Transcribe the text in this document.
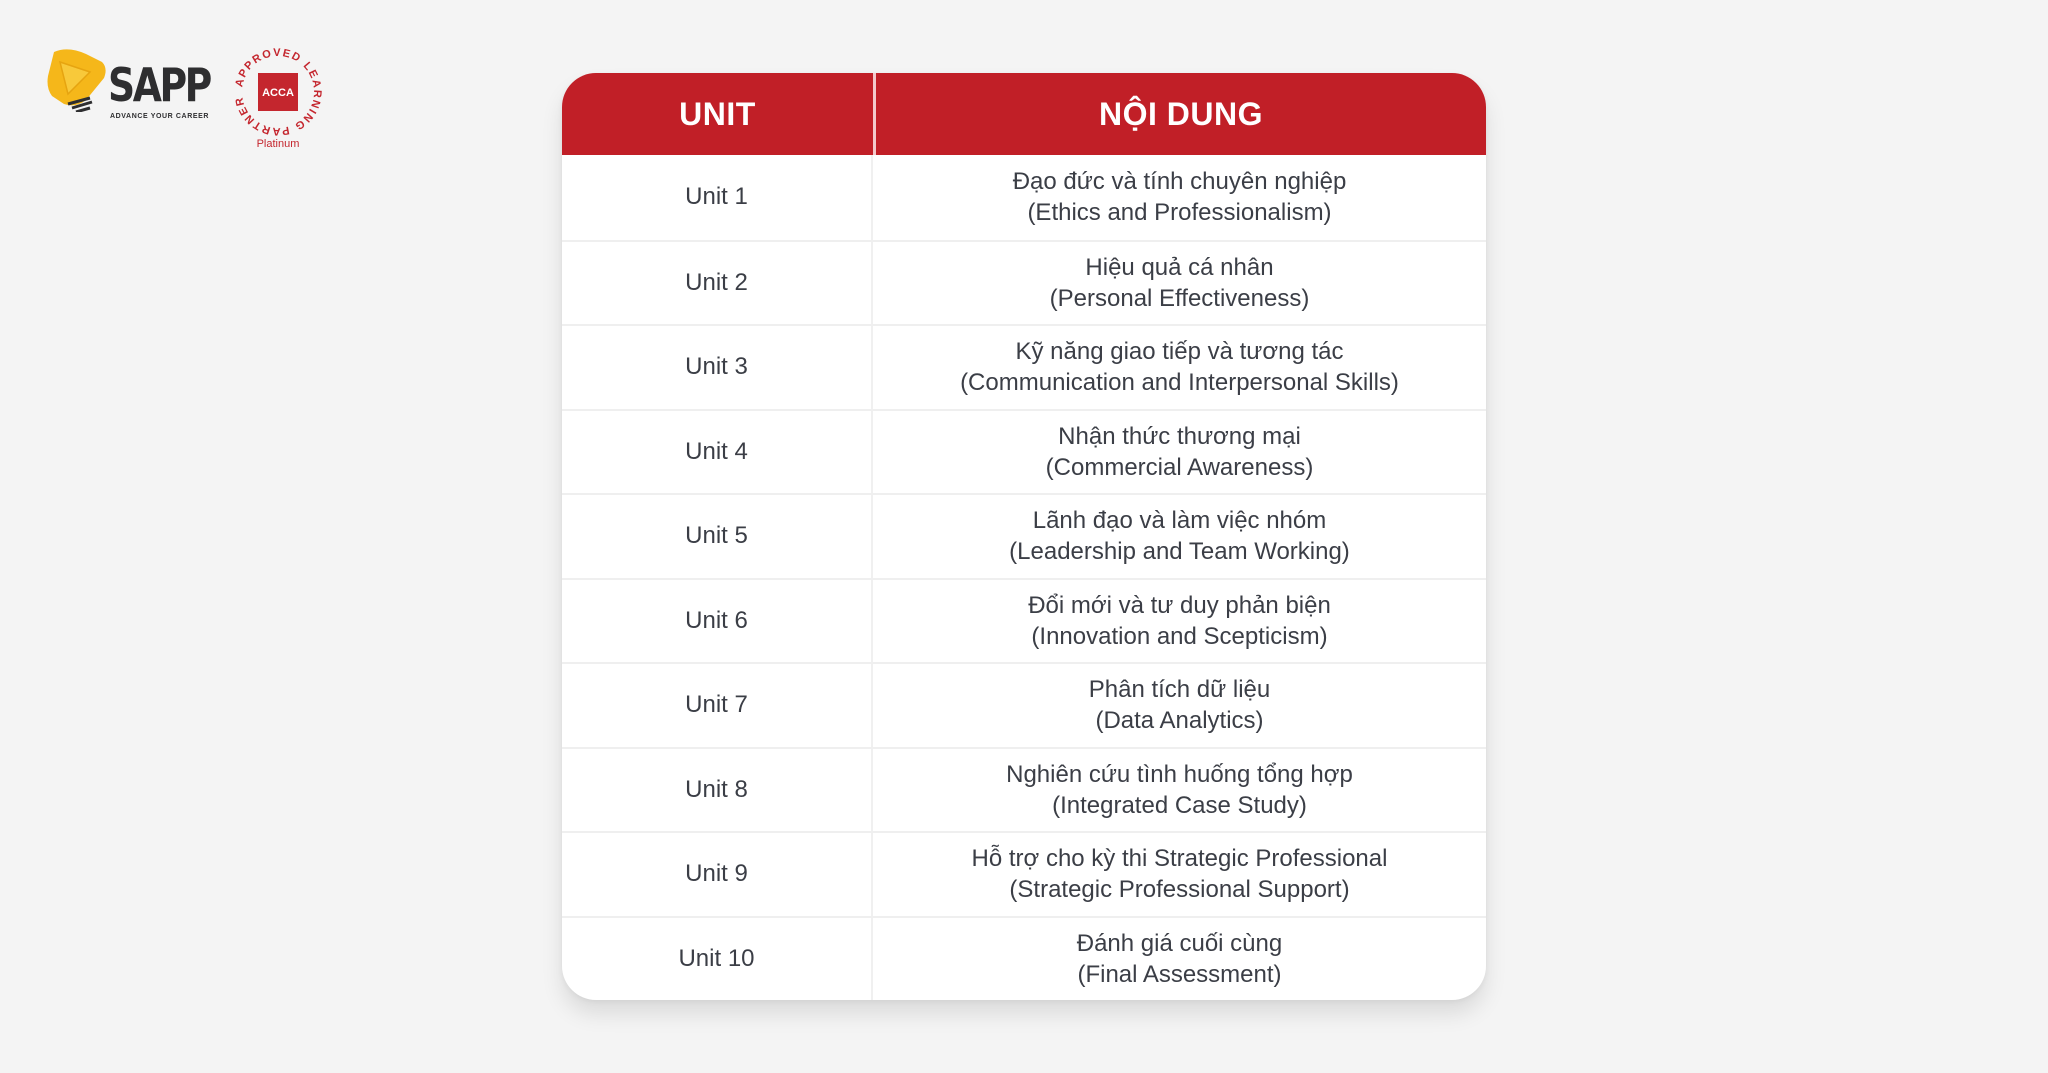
SAPP
ADVANCE YOUR CAREER
APPROVED LEARNING PARTNER
ACCA
Platinum
UNIT	NỘI DUNG
Unit 1
Đạo đức và tính chuyên nghiệp
(Ethics and Professionalism)
Unit 2
Hiệu quả cá nhân
(Personal Effectiveness)
Unit 3
Kỹ năng giao tiếp và tương tác
(Communication and Interpersonal Skills)
Unit 4
Nhận thức thương mại
(Commercial Awareness)
Unit 5
Lãnh đạo và làm việc nhóm
(Leadership and Team Working)
Unit 6
Đổi mới và tư duy phản biện
(Innovation and Scepticism)
Unit 7
Phân tích dữ liệu
(Data Analytics)
Unit 8
Nghiên cứu tình huống tổng hợp
(Integrated Case Study)
Unit 9
Hỗ trợ cho kỳ thi Strategic Professional
(Strategic Professional Support)
Unit 10
Đánh giá cuối cùng
(Final Assessment)
